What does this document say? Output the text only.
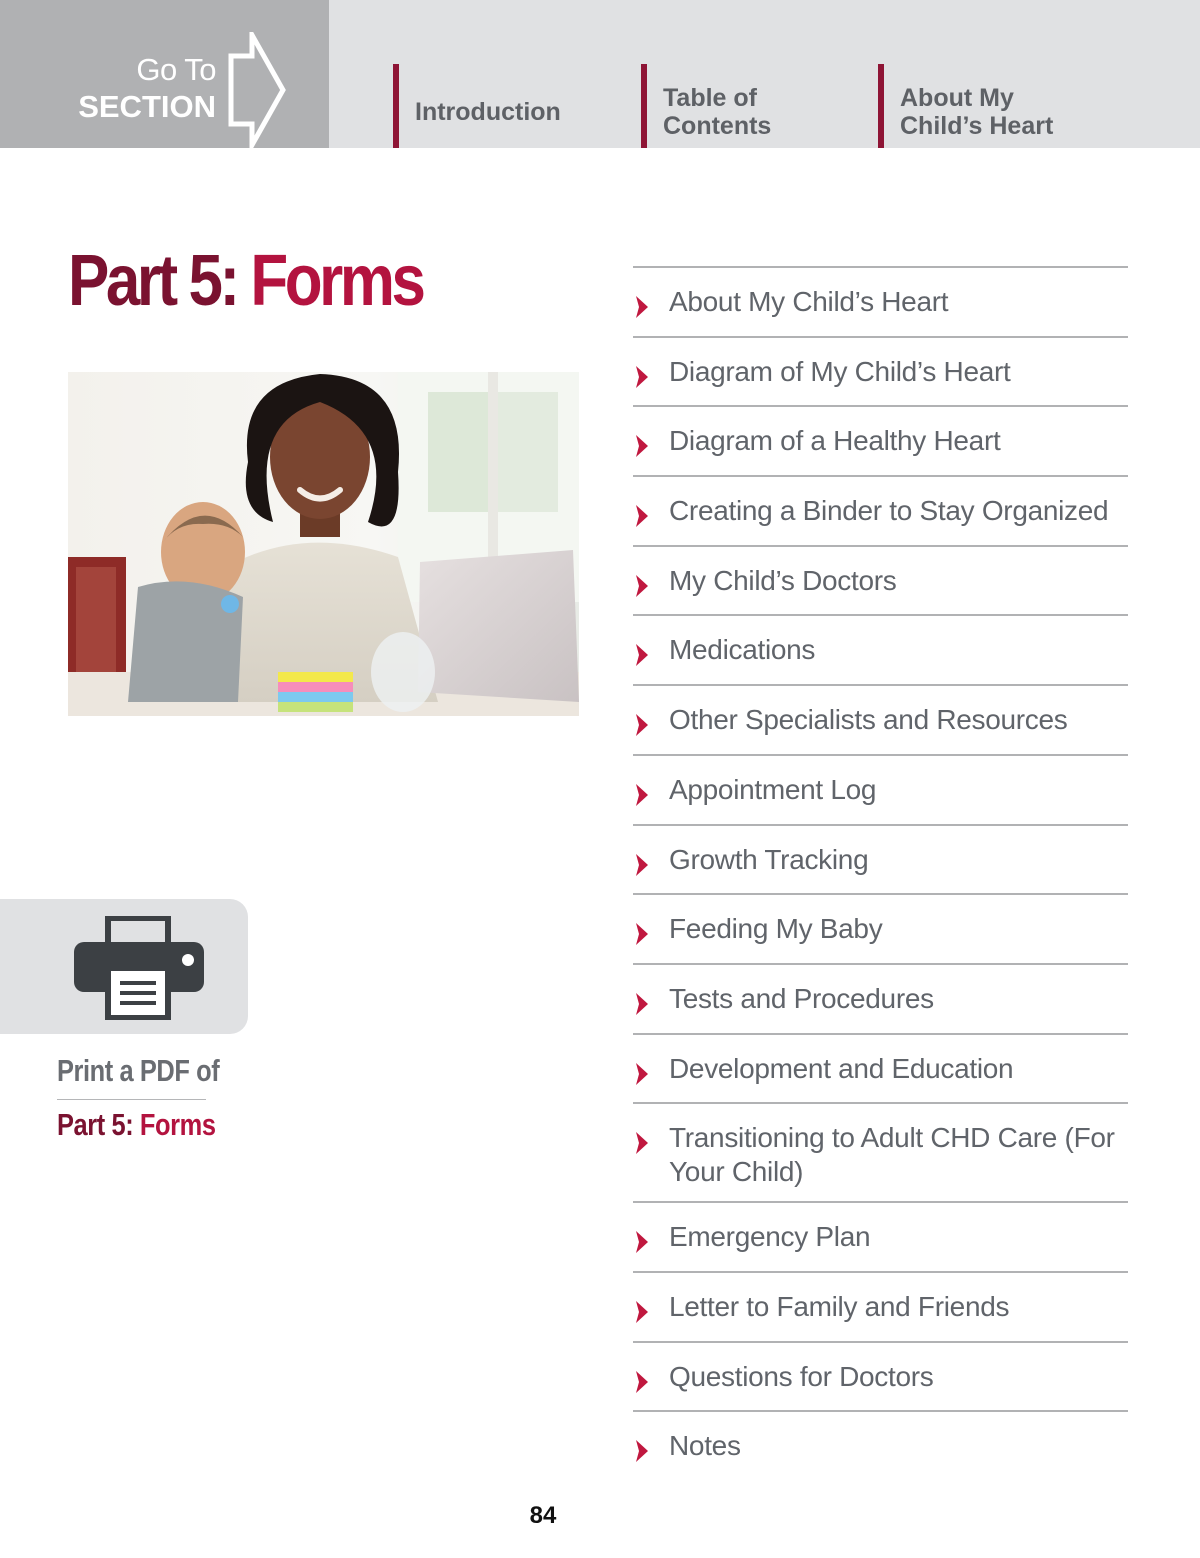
Go To
SECTION	Introduction	Table of
Contents
About My
Child’s Heart
Part 5: Forms
Print a PDF of
Part 5: Forms
About My Child’s Heart
Diagram of My Child’s Heart
Diagram of a Healthy Heart
Creating a Binder to Stay Organized
My Child’s Doctors
Medications
Other Specialists and Resources
Appointment Log
Growth Tracking
Feeding My Baby
Tests and Procedures
Development and Education
Transitioning to Adult CHD Care (For Your Child)
Emergency Plan
Letter to Family and Friends
Questions for Doctors
Notes
84
